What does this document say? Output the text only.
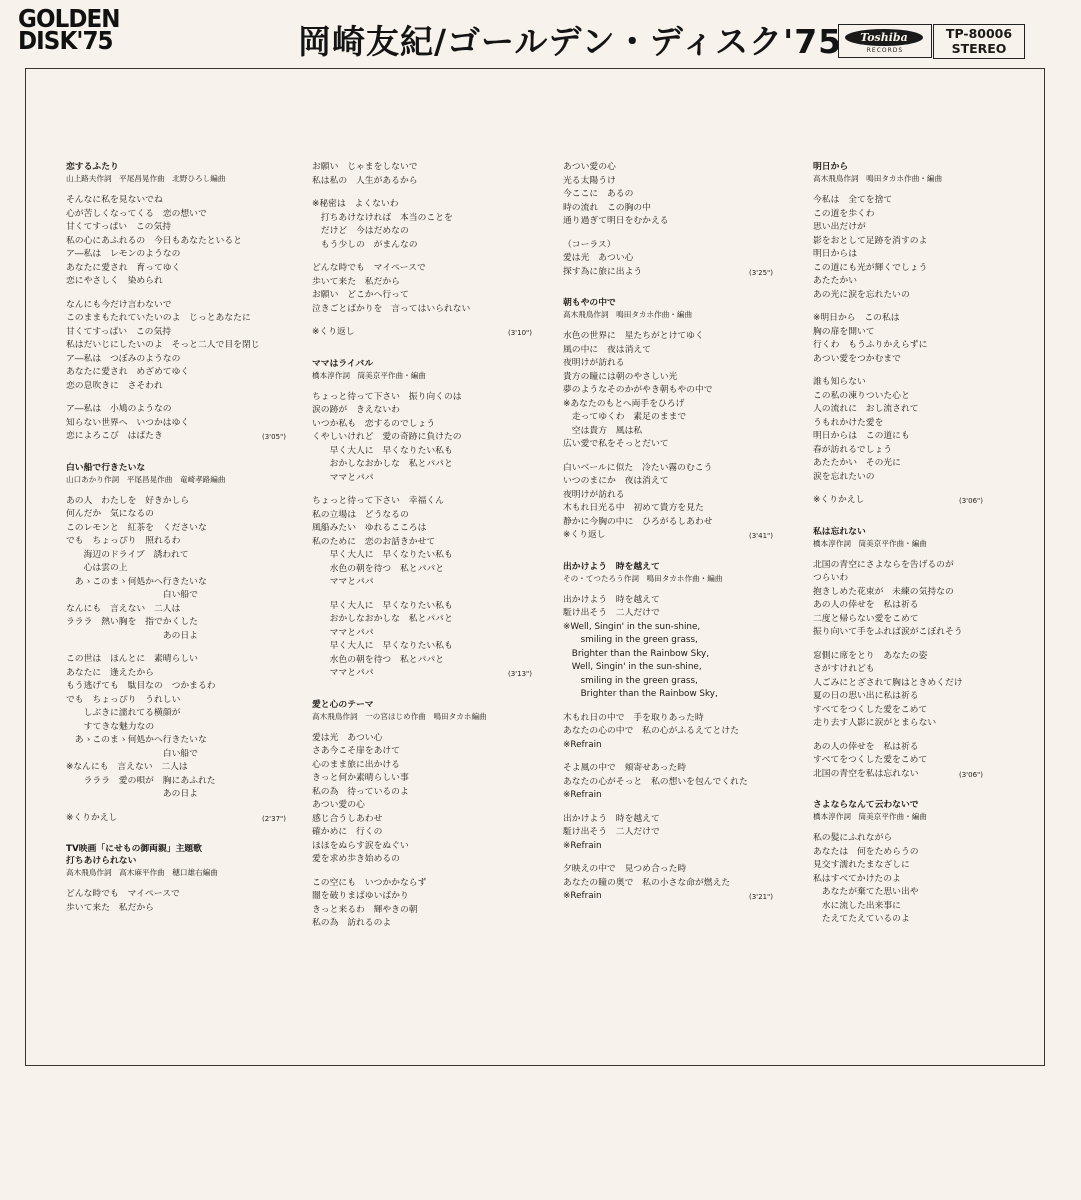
GOLDEN
DISK'75	岡崎友紀/ゴールデン・ディスク'75	Toshiba
RECORDS
TP-80006
STEREO
恋するふたり
山上路夫作詞　平尾昌晃作曲　北野ひろし編曲
そんなに私を見ないでね
心が苦しくなってくる　恋の想いで
甘くてすっぱい　この気持
私の心にあふれるの　今日もあなたといると
ア―私は　レモンのようなの
あなたに愛され　育ってゆく
恋にやさしく　染められ
なんにも今だけ言わないで
このままもたれていたいのよ　じっとあなたに
甘くてすっぱい　この気持
私はだいじにしたいのよ　そっと二人で目を閉じ
ア―私は　つぼみのようなの
あなたに愛され　めざめてゆく
恋の息吹きに　さそわれ
ア―私は　小鳩のようなの
知らない世界へ　いつかはゆく
恋によろこび　はばたき	(3'05")
白い船で行きたいな
山口あかり作詞　平尾昌晃作曲　竜崎孝路編曲
あの人　わたしを　好きかしら
何んだか　気になるの
このレモンと　紅茶を　くださいな
でも　ちょっぴり　照れるわ
　　海辺のドライブ　誘われて
　　心は雲の上
　あゝこのまゝ何処かへ行きたいな
　　　　　　　　　　　白い船で
なんにも　言えない　二人は
ラララ　熱い胸を　指でかくした
　　　　　　　　　　　あの日よ
この世は　ほんとに　素晴らしい
あなたに　逢えたから
もう逃げても　駄目なの　つかまるわ
でも　ちょっぴり　うれしい
　　しぶきに濡れてる横顔が
　　すてきな魅力なの
　あゝこのまゝ何処かへ行きたいな
　　　　　　　　　　　白い船で
※なんにも　言えない　二人は
　　ラララ　愛の唄が　胸にあふれた
　　　　　　　　　　　あの日よ
※くりかえし	(2'37")
TV映画「にせもの御両親」主題歌
打ちあけられない
高木飛鳥作詞　高木麻平作曲　穂口雄右編曲
どんな時でも　マイペースで
歩いて来た　私だから
お願い　じゃまをしないで
私は私の　人生があるから
※秘密は　よくないわ
　打ちあけなければ　本当のことを
　だけど　今はだめなの
　もう少しの　がまんなの
どんな時でも　マイペースで
歩いて来た　私だから
お願い　どこかへ行って
泣きごとばかりを　言ってはいられない
※くり返し	(3'10")
ママはライバル
橋本淳作詞　筒美京平作曲・編曲
ちょっと待って下さい　振り向くのは
涙の跡が　きえないわ
いつか私も　恋するのでしょう
くやしいけれど　愛の奇跡に負けたの
　　早く大人に　早くなりたい私も
　　おかしなおかしな　私とパパと
　　ママとパパ
ちょっと待って下さい　幸福くん
私の立場は　どうなるの
風船みたい　ゆれるこころは
私のために　恋のお話きかせて
　　早く大人に　早くなりたい私も
　　水色の朝を待つ　私とパパと
　　ママとパパ
　　早く大人に　早くなりたい私も
　　おかしなおかしな　私とパパと
　　ママとパパ
　　早く大人に　早くなりたい私も
　　水色の朝を待つ　私とパパと
　　ママとパパ	(3'13")
愛と心のテーマ
高木飛鳥作詞　一の宮はじめ作曲　鳴田タカホ編曲
愛は光　あつい心
さあ今こそ扉をあけて
心のまま旅に出かける
きっと何か素晴らしい事
私の為　待っているのよ
あつい愛の心
感じ合うしあわせ
確かめに　行くの
ほほをぬらす涙をぬぐい
愛を求め歩き始めるの
この空にも　いつかかならず
闇を破りまばゆいばかり
きっと来るわ　輝やきの朝
私の為　訪れるのよ
あつい愛の心
光る太陽うけ
今ここに　あるの
時の流れ　この胸の中
通り過ぎて明日をむかえる
（コーラス）
愛は光　あつい心
探す為に旅に出よう	(3'25")
朝もやの中で
高木飛鳥作詞　鳴田タカホ作曲・編曲
水色の世界に　星たちがとけてゆく
風の中に　夜は消えて
夜明けが訪れる
貴方の瞳には朝のやさしい光
夢のようなそのかがやき朝もやの中で
※あなたのもとへ両手をひろげ
　走ってゆくわ　素足のままで
　空は貴方　風は私
広い愛で私をそっとだいて
白いベールに似た　冷たい霧のむこう
いつのまにか　夜は消えて
夜明けが訪れる
木もれ日光る中　初めて貴方を見た
静かに今胸の中に　ひろがるしあわせ
※くり返し	(3'41")
出かけよう　時を越えて
その・てつたろう作詞　鳴田タカホ作曲・編曲
出かけよう　時を越えて
駈け出そう　二人だけで
※Well, Singin' in the sun-shine,
　　smiling in the green grass,
　Brighter than the Rainbow Sky,
　Well, Singin' in the sun-shine,
　　smiling in the green grass,
　　Brighter than the Rainbow Sky,
木もれ日の中で　手を取りあった時
あなたの心の中で　私の心がふるえてとけた
※Refrain
そよ風の中で　頬寄せあった時
あなたの心がそっと　私の想いを包んでくれた
※Refrain
出かけよう　時を越えて
駈け出そう　二人だけで
※Refrain
夕映えの中で　見つめ合った時
あなたの瞳の奥で　私の小さな命が燃えた
※Refrain	(3'21")
明日から
高木飛鳥作詞　鳴田タカホ作曲・編曲
今私は　全てを捨て
この道を歩くわ
思い出だけが
影をおとして足跡を消すのよ
明日からは
この道にも光が輝くでしょう
あたたかい
あの光に涙を忘れたいの
※明日から　この私は
胸の扉を開いて
行くわ　もうふりかえらずに
あつい愛をつかむまで
誰も知らない
この私の凍りついた心と
人の流れに　おし流されて
うもれかけた愛を
明日からは　この道にも
春が訪れるでしょう
あたたかい　その光に
涙を忘れたいの
※くりかえし	(3'06")
私は忘れない
橋本淳作詞　筒美京平作曲・編曲
北国の青空にさよならを告げるのが
つらいわ
抱きしめた花束が　未練の気持なの
あの人の倖せを　私は祈る
二度と帰らない愛をこめて
振り向いて手をふれば涙がこぼれそう
窓側に席をとり　あなたの姿
さがすけれども
人ごみにとざされて胸はときめくだけ
夏の日の思い出に私は祈る
すべてをつくした愛をこめて
走り去す人影に涙がとまらない
あの人の倖せを　私は祈る
すべてをつくした愛をこめて
北国の青空を私は忘れない	(3'06")
さよならなんて云わないで
橋本淳作詞　筒美京平作曲・編曲
私の髪にふれながら
あなたは　何をためらうの
見交す濡れたまなざしに
私はすべてかけたのよ
　あなたが棄てた思い出や
　水に流した出来事に
　たえてたえているのよ
